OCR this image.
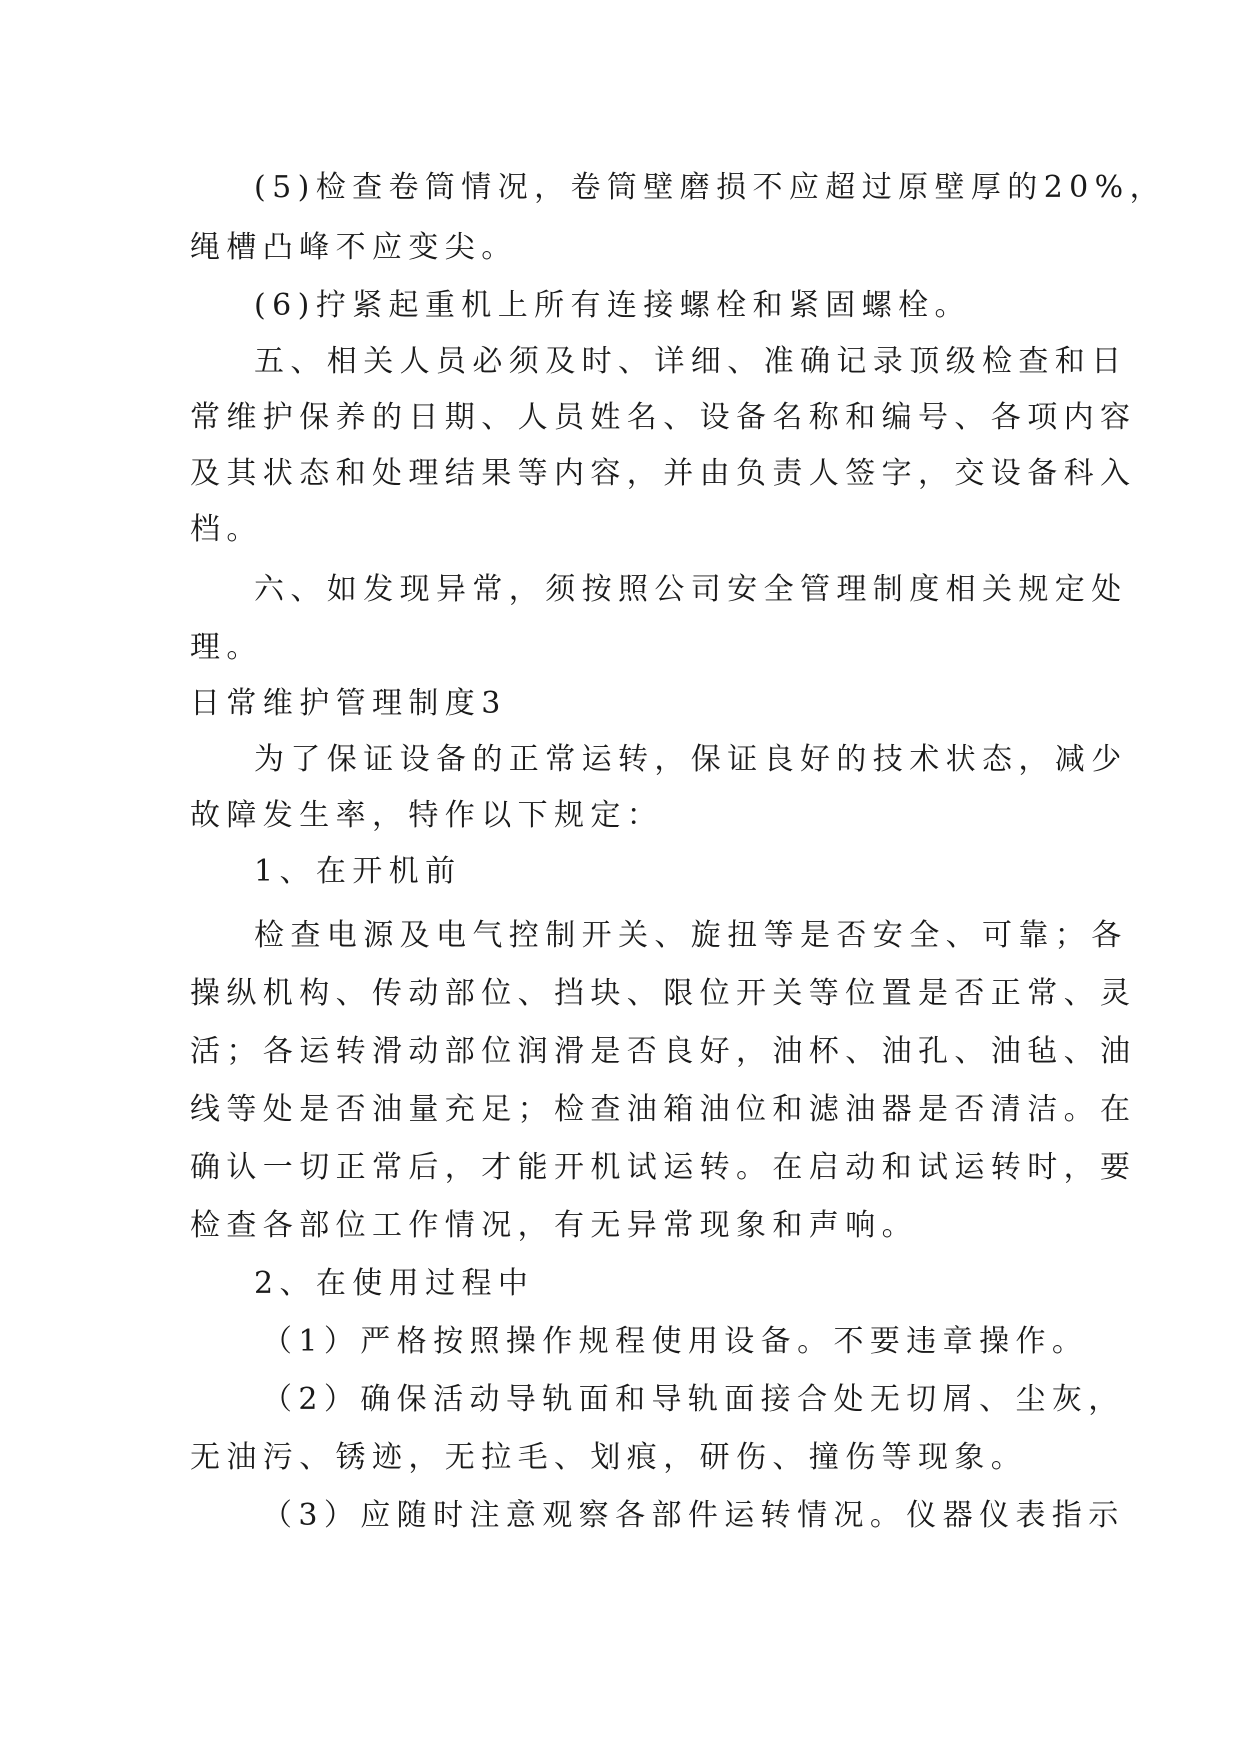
(5)检查卷筒情况，卷筒壁磨损不应超过原壁厚的20%，

绳槽凸峰不应变尖。

(6)拧紧起重机上所有连接螺栓和紧固螺栓。

五、相关人员必须及时、详细、准确记录顶级检查和日

常维护保养的日期、人员姓名、设备名称和编号、各项内容

及其状态和处理结果等内容，并由负责人签字，交设备科入

档。

六、如发现异常，须按照公司安全管理制度相关规定处

理。

日常维护管理制度3

为了保证设备的正常运转，保证良好的技术状态，减少

故障发生率，特作以下规定：

1、在开机前

检查电源及电气控制开关、旋扭等是否安全、可靠；各

操纵机构、传动部位、挡块、限位开关等位置是否正常、灵

活；各运转滑动部位润滑是否良好，油杯、油孔、油毡、油

线等处是否油量充足；检查油箱油位和滤油器是否清洁。在

确认一切正常后，才能开机试运转。在启动和试运转时，要

检查各部位工作情况，有无异常现象和声响。

2、在使用过程中

（1）严格按照操作规程使用设备。不要违章操作。

（2）确保活动导轨面和导轨面接合处无切屑、尘灰，

无油污、锈迹，无拉毛、划痕，研伤、撞伤等现象。

（3）应随时注意观察各部件运转情况。仪器仪表指示
